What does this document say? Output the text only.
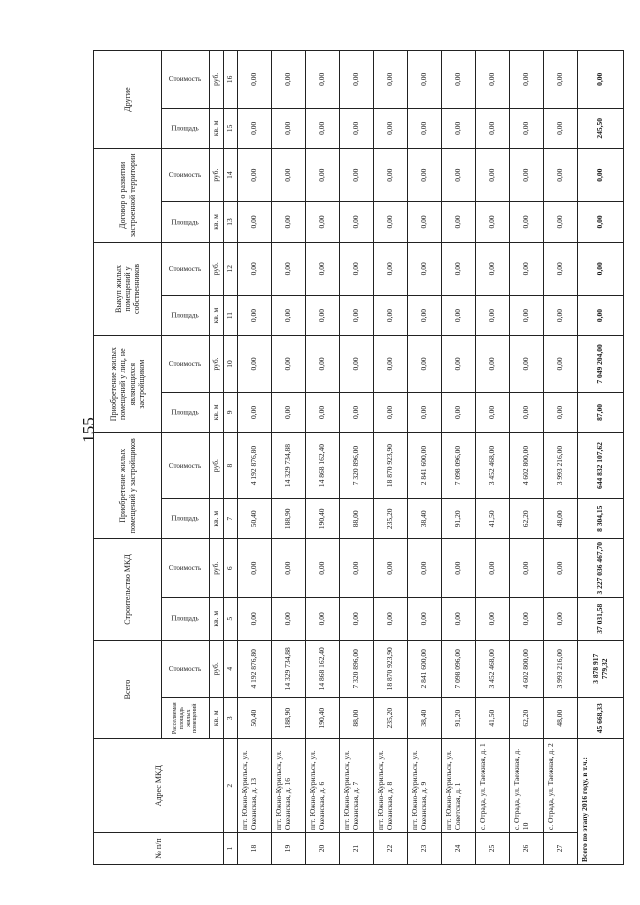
155
№ п/п	Адрес МКД	Всего		Строительство МКД		Приобретение жилых помещений у застройщиков		Приобретение жилых помещений у лиц, не являющихся застройщиком		Выкуп жилых помещений у собственников		Договор о развитии застроенной территории		Другие	
		Расселяемая площадь жилых помещений	Стоимость	Площадь	Стоимость	Площадь	Стоимость	Площадь	Стоимость	Площадь	Стоимость	Площадь	Стоимость	Площадь	Стоимость
		кв. м	руб.	кв. м	руб.	кв. м	руб.	кв. м	руб.	кв. м	руб.	кв. м	руб.	кв. м	руб.
1	2	3	4	5	6	7	8	9	10	11	12	13	14	15	16
18	пгт. Южно-Курильск, ул. Океанская, д. 13	50,40	4 192 876,80	0,00	0,00	50,40	4 192 876,80	0,00	0,00	0,00	0,00	0,00	0,00	0,00	0,00
19	пгт. Южно-Курильск, ул. Океанская, д. 16	188,90	14 329 734,88	0,00	0,00	188,90	14 329 734,88	0,00	0,00	0,00	0,00	0,00	0,00	0,00	0,00
20	пгт. Южно-Курильск, ул. Океанская, д. 6	190,40	14 868 162,40	0,00	0,00	190,40	14 868 162,40	0,00	0,00	0,00	0,00	0,00	0,00	0,00	0,00
21	пгт. Южно-Курильск, ул. Океанская, д. 7	88,00	7 320 896,00	0,00	0,00	88,00	7 320 896,00	0,00	0,00	0,00	0,00	0,00	0,00	0,00	0,00
22	пгт. Южно-Курильск, ул. Океанская, д. 8	235,20	18 870 923,90	0,00	0,00	235,20	18 870 923,90	0,00	0,00	0,00	0,00	0,00	0,00	0,00	0,00
23	пгт. Южно-Курильск, ул. Океанская, д. 9	38,40	2 841 600,00	0,00	0,00	38,40	2 841 600,00	0,00	0,00	0,00	0,00	0,00	0,00	0,00	0,00
24	пгт. Южно-Курильск, ул. Советская, д. 1	91,20	7 098 096,00	0,00	0,00	91,20	7 098 096,00	0,00	0,00	0,00	0,00	0,00	0,00	0,00	0,00
25	с. Отрада, ул. Таежная, д. 1	41,50	3 452 468,00	0,00	0,00	41,50	3 452 468,00	0,00	0,00	0,00	0,00	0,00	0,00	0,00	0,00
26	с. Отрада, ул. Таежная, д. 10	62,20	4 602 800,00	0,00	0,00	62,20	4 602 800,00	0,00	0,00	0,00	0,00	0,00	0,00	0,00	0,00
27	с. Отрада, ул. Таежная, д. 2	48,00	3 993 216,00	0,00	0,00	48,00	3 993 216,00	0,00	0,00	0,00	0,00	0,00	0,00	0,00	0,00
Всего по этапу 2016 году, в т.ч.:		45 668,33	3 878 917 779,32	37 031,58	3 227 036 467,70	8 304,15	644 832 107,62	87,00	7 049 204,00	0,00	0,00	0,00	0,00	245,50	0,00
